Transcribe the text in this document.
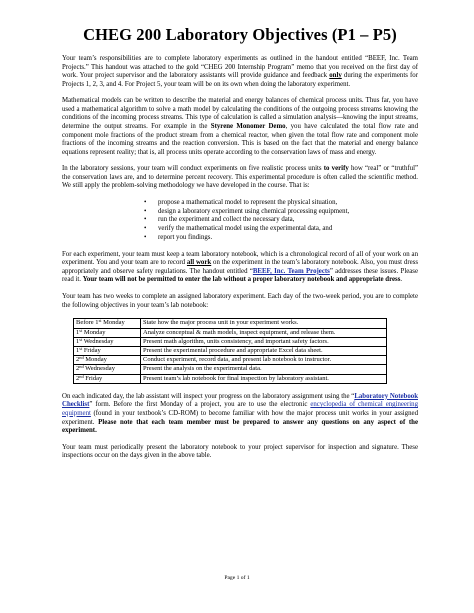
CHEG 200 Laboratory Objectives (P1 – P5)

Your team’s responsibilities are to complete laboratory experiments as outlined in the handout entitled “BEEF, Inc. Team Projects.” This handout was attached to the gold “CHEG 200 Internship Program” memo that you received on the first day of work. Your project supervisor and the laboratory assistants will provide guidance and feedback only during the experiments for Projects 1, 2, 3, and 4. For Project 5, your team will be on its own when doing the laboratory experiment.

Mathematical models can be written to describe the material and energy balances of chemical process units. Thus far, you have used a mathematical algorithm to solve a math model by calculating the conditions of the outgoing process streams knowing the conditions of the incoming process streams. This type of calculation is called a simulation analysis—knowing the input streams, determine the output streams. For example in the Styrene Monomer Demo, you have calculated the total flow rate and component mole fractions of the product stream from a chemical reactor, when given the total flow rate and component mole fractions of the incoming streams and the reaction conversion. This is based on the fact that the material and energy balance equations represent reality; that is, all process units operate according to the conservation laws of mass and energy.

In the laboratory sessions, your team will conduct experiments on five realistic process units to verify how “real” or “truthful” the conservation laws are, and to determine percent recovery. This experimental procedure is often called the scientific method. We still apply the problem-solving methodology we have developed in the course. That is:

• propose a mathematical model to represent the physical situation,
• design a laboratory experiment using chemical processing equipment,
• run the experiment and collect the necessary data,
• verify the mathematical model using the experimental data, and
• report you findings.

For each experiment, your team must keep a team laboratory notebook, which is a chronological record of all of your work on an experiment. You and your team are to record all work on the experiment in the team’s laboratory notebook. Also, you must dress appropriately and observe safety regulations. The handout entitled “BEEF, Inc. Team Projects” addresses these issues. Please read it. Your team will not be permitted to enter the lab without a proper laboratory notebook and appropriate dress.

Your team has two weeks to complete an assigned laboratory experiment. Each day of the two-week period, you are to complete the following objectives in your team’s lab notebook:

Before 1st Monday	State how the major process unit in your experiment works.
1st Monday	Analyze conceptual & math models, inspect equipment, and release them.
1st Wednesday	Present math algorithm, units consistency, and important safety factors.
1st Friday	Present the experimental procedure and appropriate Excel data sheet.
2nd Monday	Conduct experiment, record data, and present lab notebook to instructor.
2nd Wednesday	Present the analysis on the experimental data.
2nd Friday	Present team’s lab notebook for final inspection by laboratory assistant.

On each indicated day, the lab assistant will inspect your progress on the laboratory assignment using the “Laboratory Notebook Checklist” form. Before the first Monday of a project, you are to use the electronic encyclopedia of chemical engineering equipment (found in your textbook’s CD-ROM) to become familiar with how the major process unit works in your assigned experiment. Please note that each team member must be prepared to answer any questions on any aspect of the experiment.

Your team must periodically present the laboratory notebook to your project supervisor for inspection and signature. These inspections occur on the days given in the above table.

Page 1 of 1
